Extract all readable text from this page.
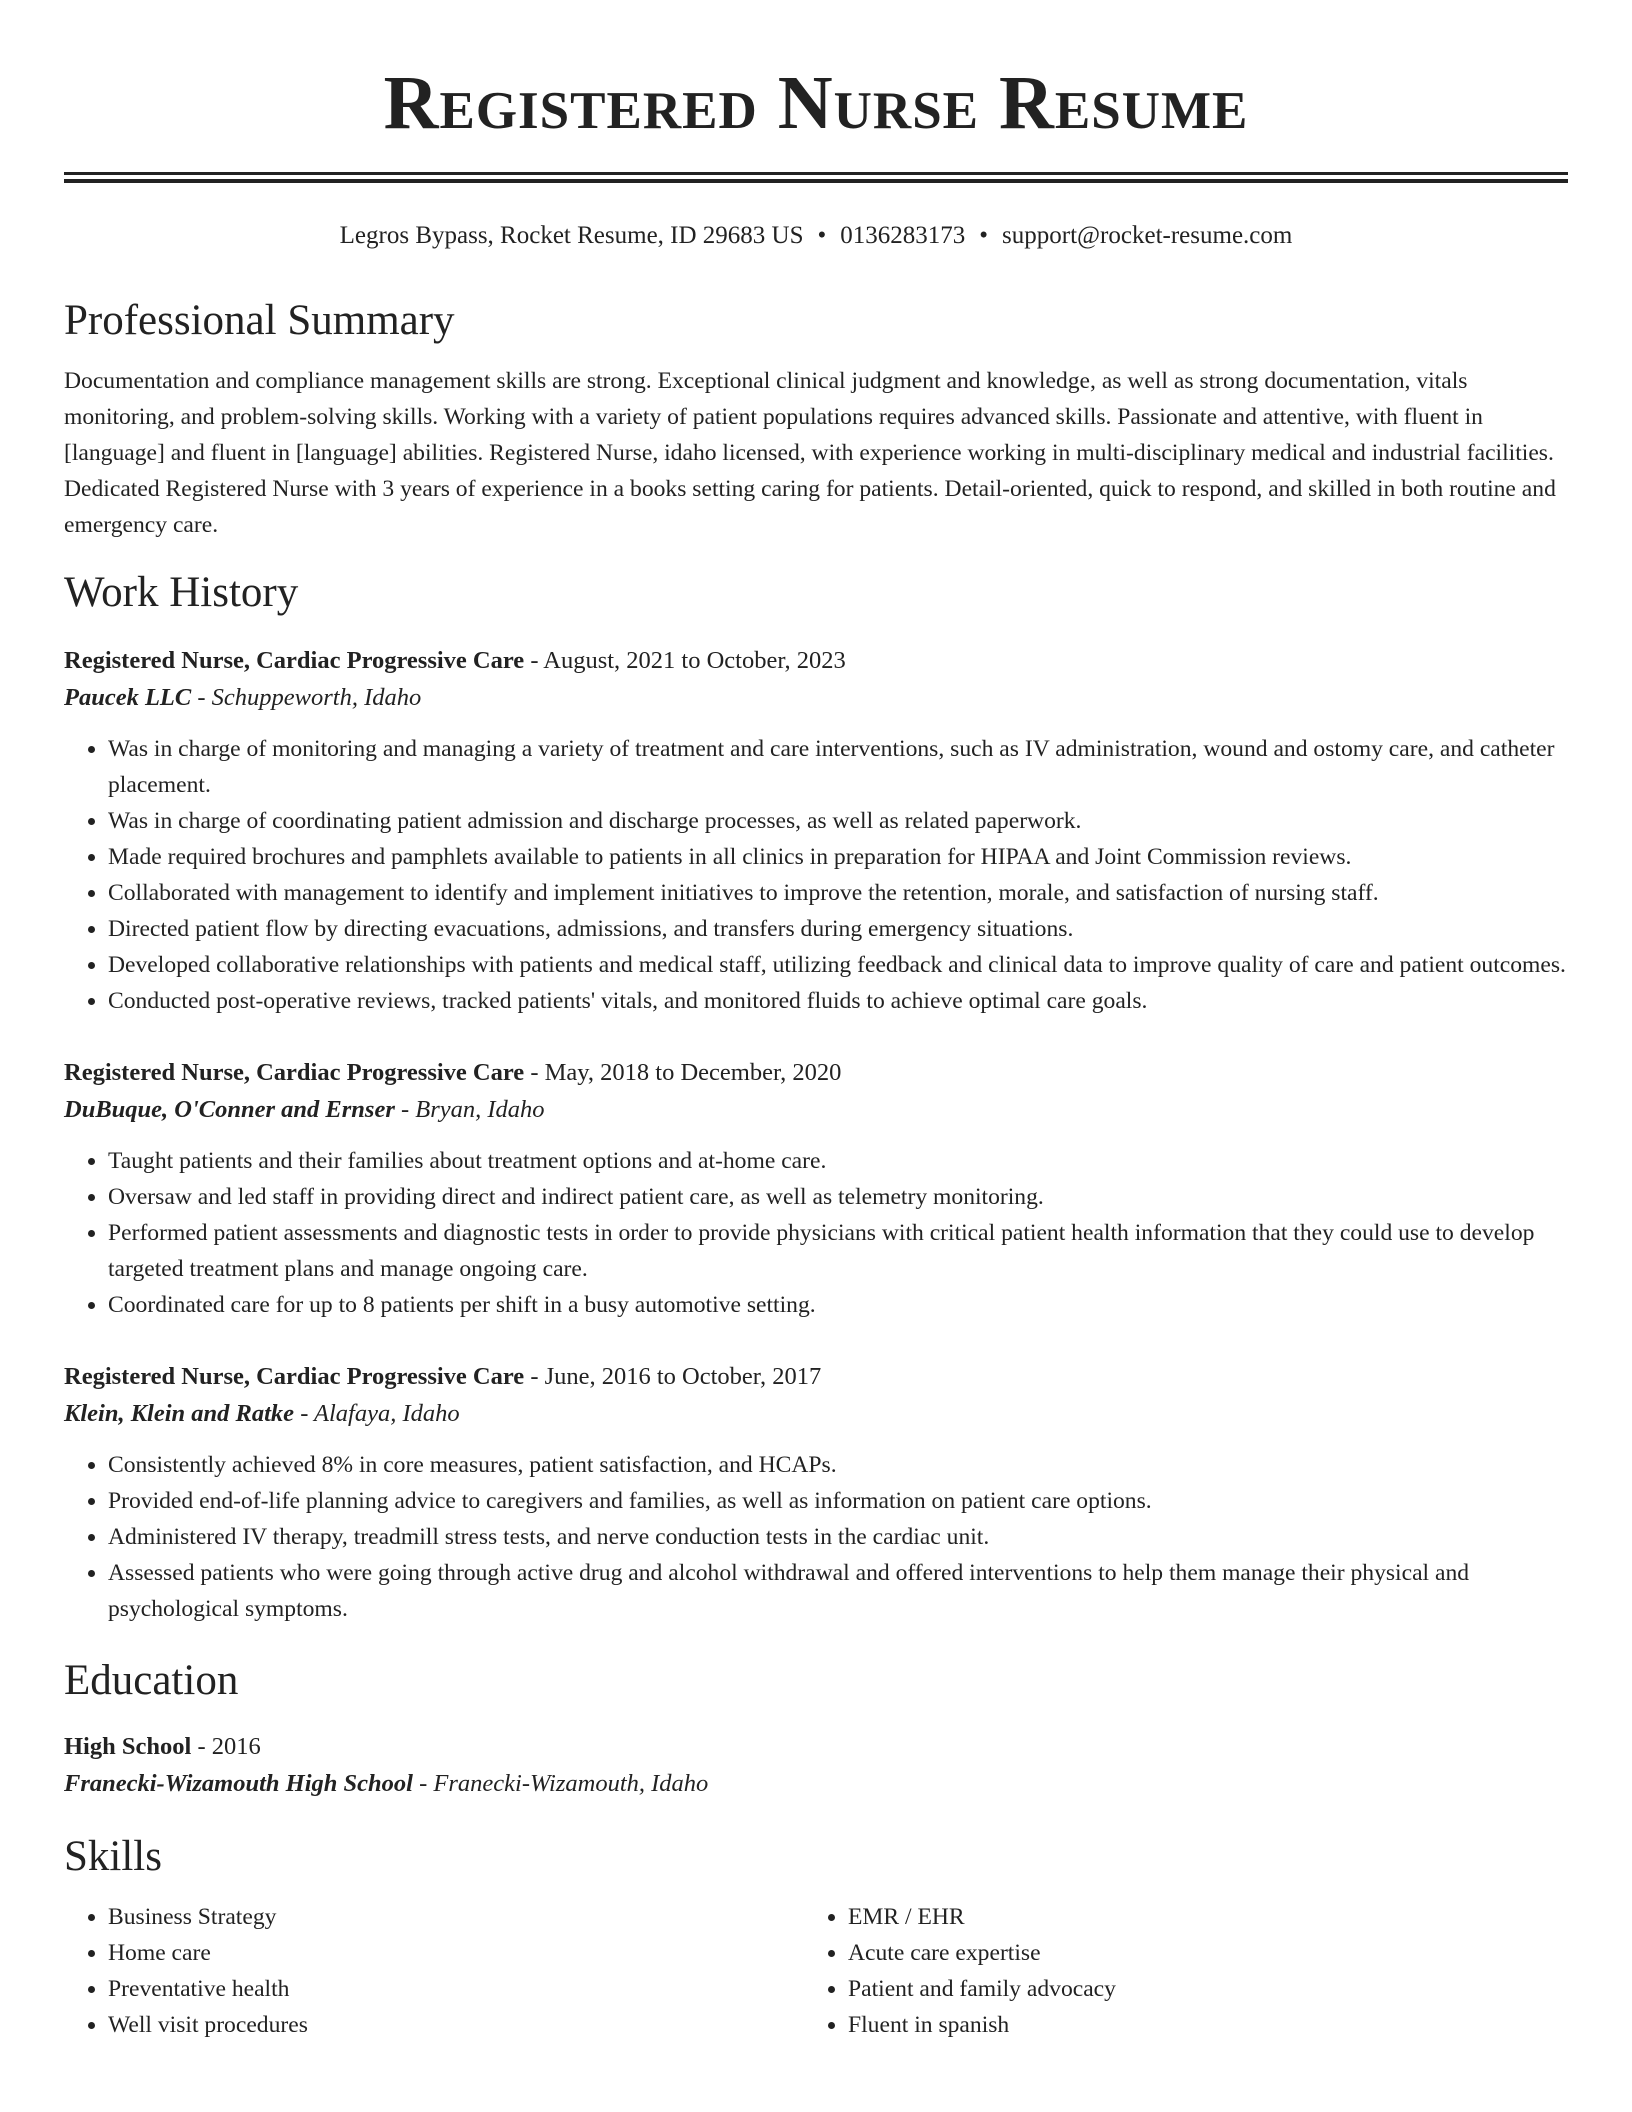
Registered Nurse Resume
Legros Bypass, Rocket Resume, ID 29683 US • 0136283173 • support@rocket-resume.com
Professional Summary

Documentation and compliance management skills are strong. Exceptional clinical judgment and knowledge, as well as strong documentation, vitals monitoring, and problem-solving skills. Working with a variety of patient populations requires advanced skills. Passionate and attentive, with fluent in [language] and fluent in [language] abilities. Registered Nurse, idaho licensed, with experience working in multi-disciplinary medical and industrial facilities. Dedicated Registered Nurse with 3 years of experience in a books setting caring for patients. Detail-oriented, quick to respond, and skilled in both routine and emergency care.

Work History
Registered Nurse, Cardiac Progressive Care - August, 2021 to October, 2023
Paucek LLC - Schuppeworth, Idaho
• Was in charge of monitoring and managing a variety of treatment and care interventions, such as IV administration, wound and ostomy care, and catheter placement.
• Was in charge of coordinating patient admission and discharge processes, as well as related paperwork.
• Made required brochures and pamphlets available to patients in all clinics in preparation for HIPAA and Joint Commission reviews.
• Collaborated with management to identify and implement initiatives to improve the retention, morale, and satisfaction of nursing staff.
• Directed patient flow by directing evacuations, admissions, and transfers during emergency situations.
• Developed collaborative relationships with patients and medical staff, utilizing feedback and clinical data to improve quality of care and patient outcomes.
• Conducted post-operative reviews, tracked patients' vitals, and monitored fluids to achieve optimal care goals.
Registered Nurse, Cardiac Progressive Care - May, 2018 to December, 2020
DuBuque, O'Conner and Ernser - Bryan, Idaho
• Taught patients and their families about treatment options and at-home care.
• Oversaw and led staff in providing direct and indirect patient care, as well as telemetry monitoring.
• Performed patient assessments and diagnostic tests in order to provide physicians with critical patient health information that they could use to develop targeted treatment plans and manage ongoing care.
• Coordinated care for up to 8 patients per shift in a busy automotive setting.
Registered Nurse, Cardiac Progressive Care - June, 2016 to October, 2017
Klein, Klein and Ratke - Alafaya, Idaho
• Consistently achieved 8% in core measures, patient satisfaction, and HCAPs.
• Provided end-of-life planning advice to caregivers and families, as well as information on patient care options.
• Administered IV therapy, treadmill stress tests, and nerve conduction tests in the cardiac unit.
• Assessed patients who were going through active drug and alcohol withdrawal and offered interventions to help them manage their physical and psychological symptoms.
Education
High School - 2016
Franecki-Wizamouth High School - Franecki-Wizamouth, Idaho
Skills
• Business Strategy
• Home care
• Preventative health
• Well visit procedures
• EMR / EHR
• Acute care expertise
• Patient and family advocacy
• Fluent in spanish
